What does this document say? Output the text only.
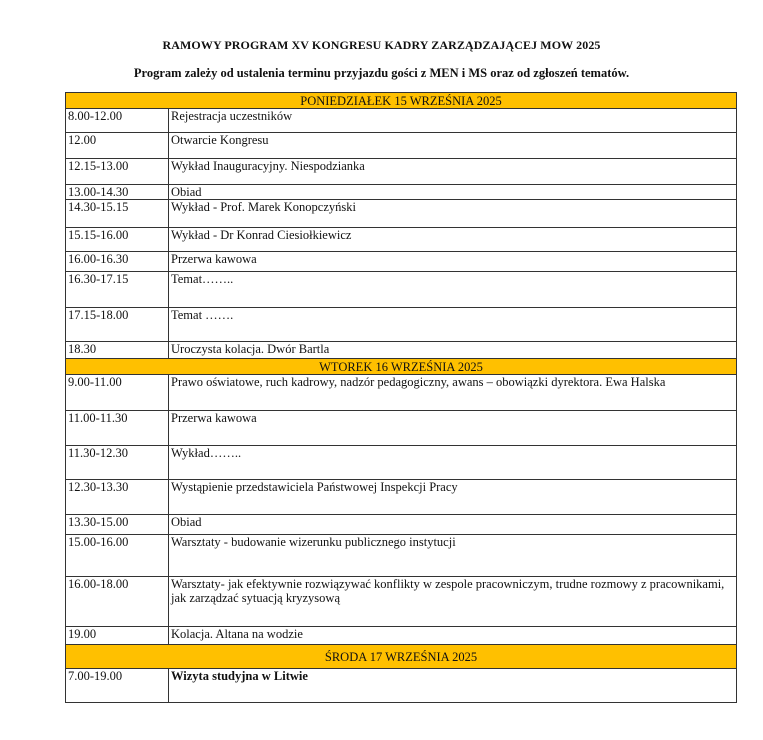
RAMOWY PROGRAM XV KONGRESU KADRY ZARZĄDZAJĄCEJ MOW 2025
Program zależy od ustalenia terminu przyjazdu gości z MEN i MS oraz od zgłoszeń tematów.
PONIEDZIAŁEK 15 WRZEŚNIA 2025	
8.00-12.00	Rejestracja uczestników
12.00	Otwarcie Kongresu
12.15-13.00	Wykład Inauguracyjny. Niespodzianka
13.00-14.30	Obiad
14.30-15.15	Wykład - Prof. Marek Konopczyński
15.15-16.00	Wykład - Dr Konrad Ciesiołkiewicz
16.00-16.30	Przerwa kawowa
16.30-17.15	Temat……..
17.15-18.00	Temat …….
18.30	Uroczysta kolacja. Dwór Bartla
WTOREK 16 WRZEŚNIA 2025	
9.00-11.00	Prawo oświatowe, ruch kadrowy, nadzór pedagogiczny, awans – obowiązki dyrektora. Ewa Halska
11.00-11.30	Przerwa kawowa
11.30-12.30	Wykład……..
12.30-13.30	Wystąpienie przedstawiciela Państwowej Inspekcji Pracy
13.30-15.00	Obiad
15.00-16.00	Warsztaty - budowanie wizerunku publicznego instytucji
16.00-18.00	Warsztaty- jak efektywnie rozwiązywać konflikty w zespole pracowniczym, trudne rozmowy z pracownikami, jak zarządzać sytuacją kryzysową
19.00	Kolacja. Altana na wodzie
ŚRODA 17 WRZEŚNIA 2025	
7.00-19.00	Wizyta studyjna w Litwie
